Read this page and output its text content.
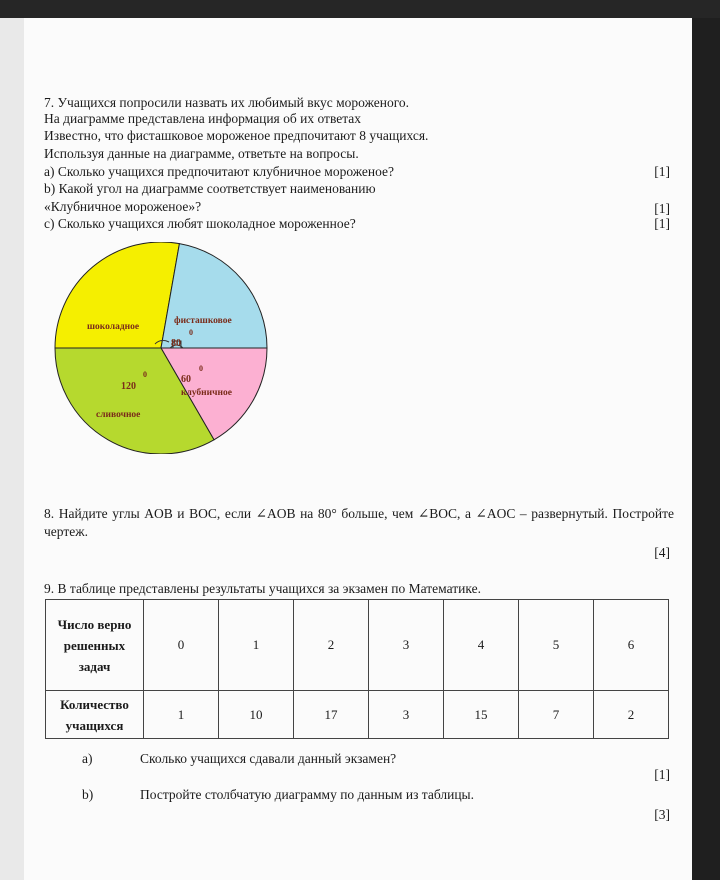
7. Учащихся попросили назвать их любимый вкус мороженого.
На диаграмме представлена информация об их ответах
Известно, что фисташковое мороженое предпочитают 8 учащихся.
Используя данные на диаграмме, ответьте на вопросы.
a) Сколько учащихся предпочитают клубничное мороженое?	[1]
b) Какой угол на диаграмме соответствует наименованию
«Клубничное мороженое»?	[1]
c) Сколько учащихся любят шоколадное мороженное?	[1]
шоколадное
фисташковое
клубничное
сливочное
80
0
60
0
120
0
8. Найдите углы AOB и BOC, если ∠AOB на 80° больше, чем ∠BOC, а ∠AOC – развернутый. Постройте чертеж.
[4]
9. В таблице представлены результаты учащихся за экзамен по Математике.
Число верно решенных задач	0	1	2	3	4	5	6
Количество учащихся	1	10	17	3	15	7	2
a)	Сколько учащихся сдавали данный экзамен?
[1]
b)	Постройте столбчатую диаграмму по данным из таблицы.
[3]
